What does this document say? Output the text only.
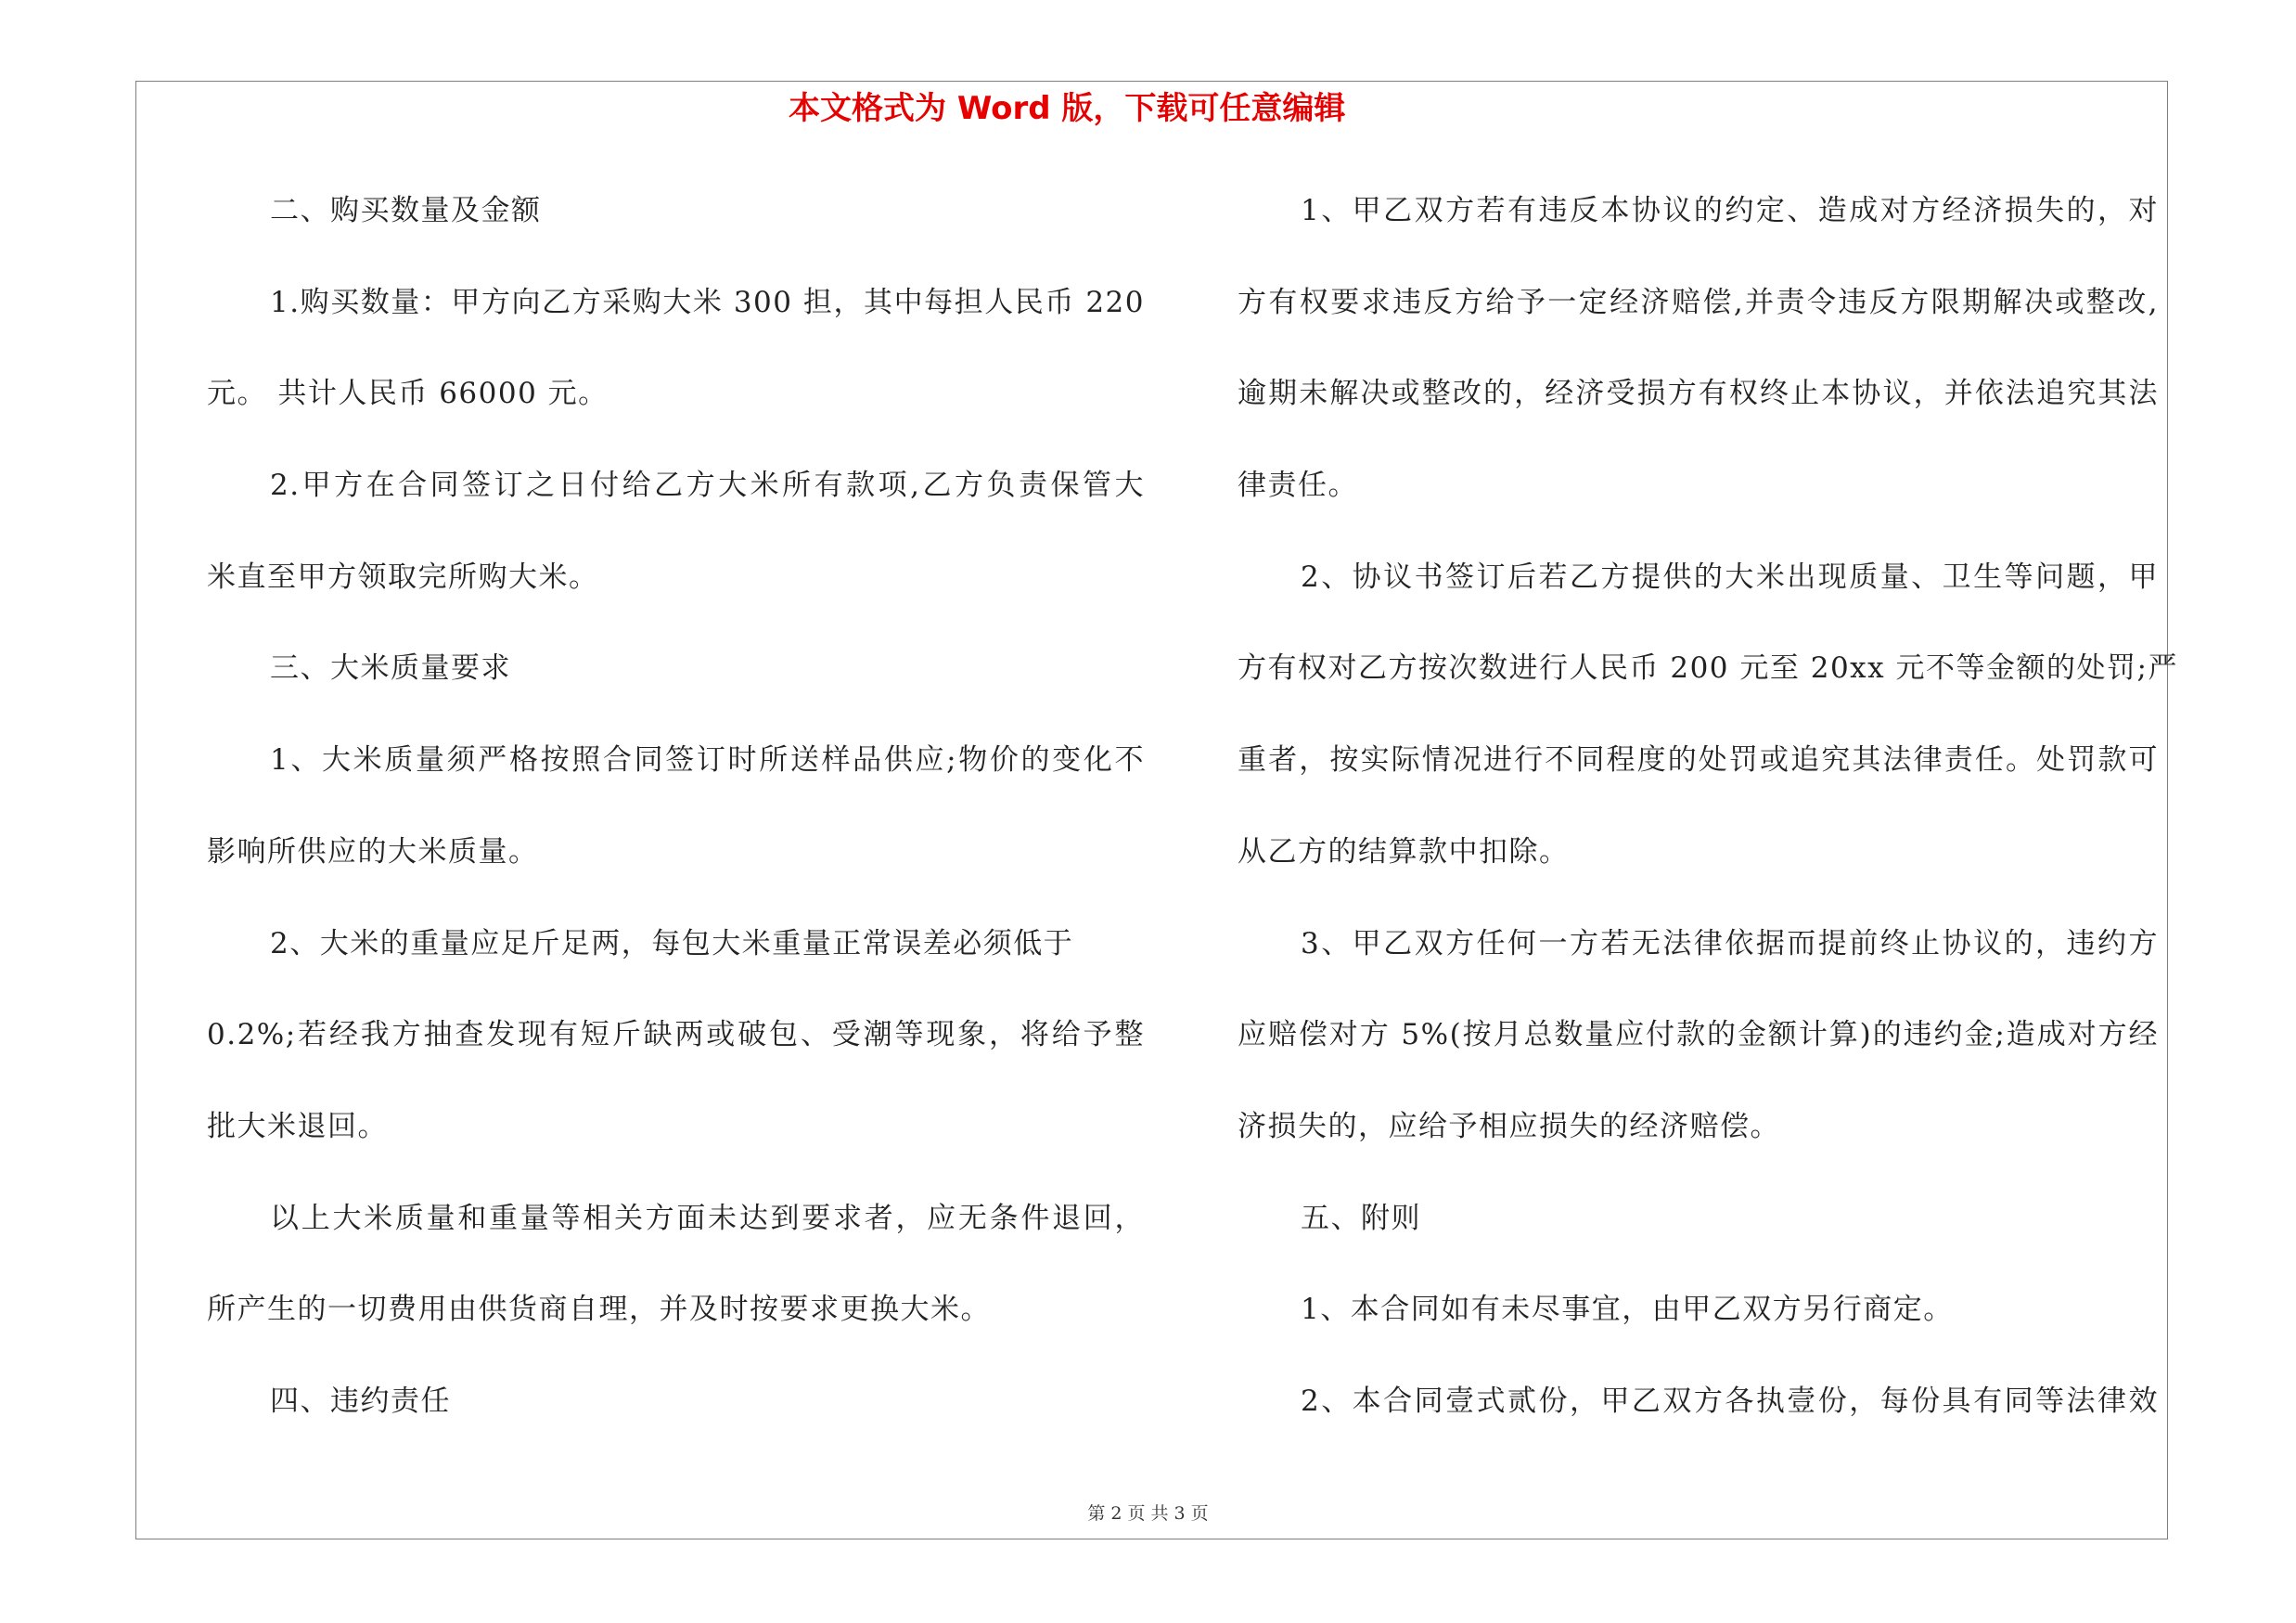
本文格式为 Word 版，下载可任意编辑
二、购买数量及金额
1.购买数量：甲方向乙方采购大米 300 担，其中每担人民币 220
元。 共计人民币 66000 元。
2.甲方在合同签订之日付给乙方大米所有款项,乙方负责保管大
米直至甲方领取完所购大米。
三、大米质量要求
1、大米质量须严格按照合同签订时所送样品供应;物价的变化不
影响所供应的大米质量。
2、大米的重量应足斤足两，每包大米重量正常误差必须低于
0.2%;若经我方抽查发现有短斤缺两或破包、受潮等现象，将给予整
批大米退回。
以上大米质量和重量等相关方面未达到要求者，应无条件退回，
所产生的一切费用由供货商自理，并及时按要求更换大米。
四、违约责任
1、甲乙双方若有违反本协议的约定、造成对方经济损失的，对
方有权要求违反方给予一定经济赔偿,并责令违反方限期解决或整改,
逾期未解决或整改的，经济受损方有权终止本协议，并依法追究其法
律责任。
2、协议书签订后若乙方提供的大米出现质量、卫生等问题，甲
方有权对乙方按次数进行人民币 200 元至 20xx 元不等金额的处罚;严
重者，按实际情况进行不同程度的处罚或追究其法律责任。处罚款可
从乙方的结算款中扣除。
3、甲乙双方任何一方若无法律依据而提前终止协议的，违约方
应赔偿对方 5%(按月总数量应付款的金额计算)的违约金;造成对方经
济损失的，应给予相应损失的经济赔偿。
五、附则
1、本合同如有未尽事宜，由甲乙双方另行商定。
2、本合同壹式贰份，甲乙双方各执壹份，每份具有同等法律效
第 2 页 共 3 页
